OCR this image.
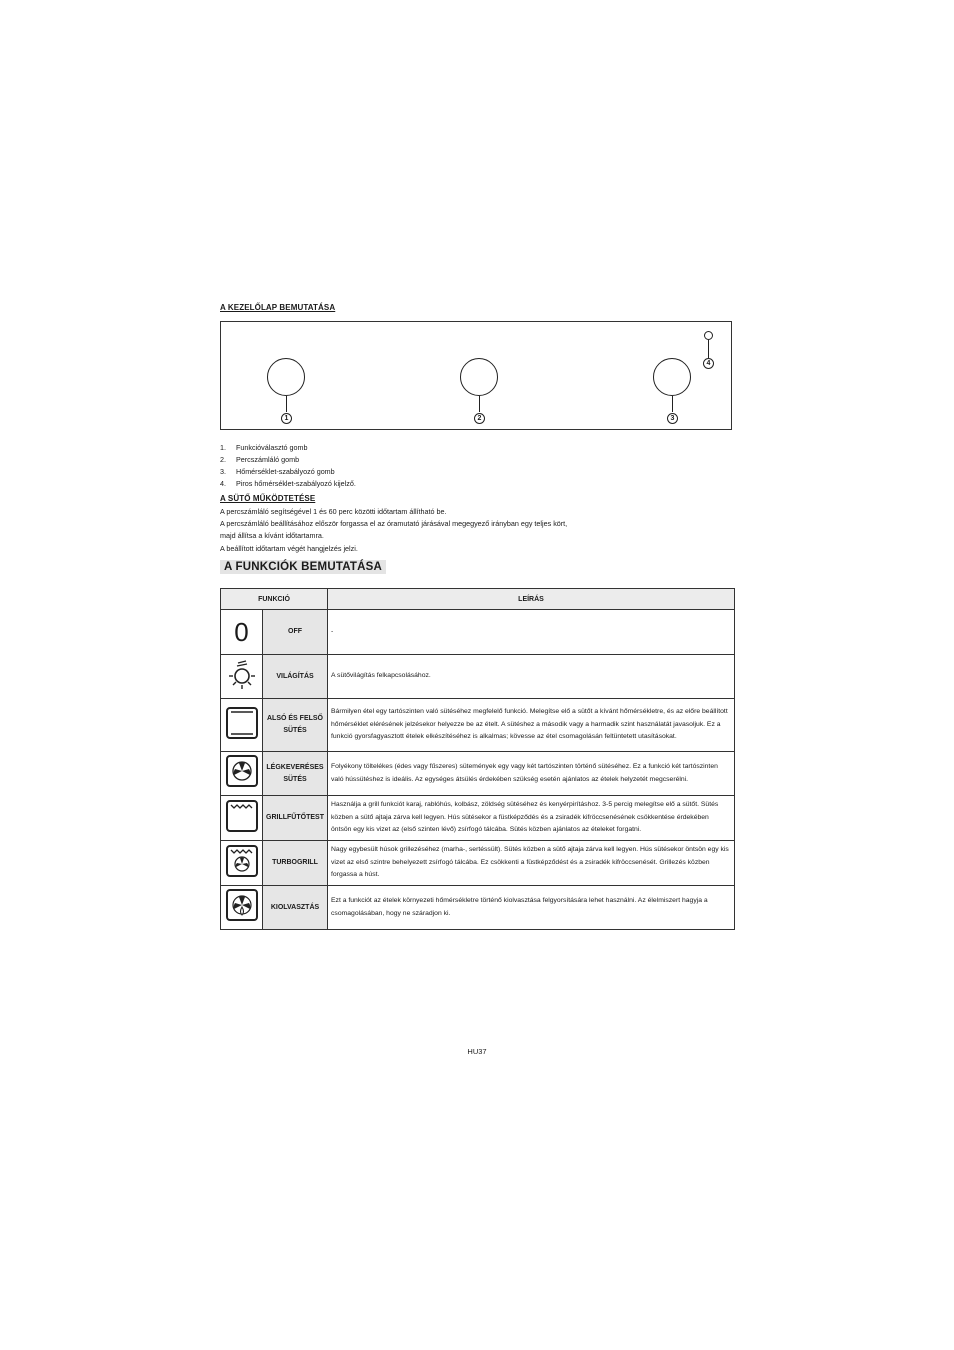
A KEZELŐLAP BEMUTATÁSA
1	2	3
4
1. Funkcióválasztó gomb
2. Percszámláló gomb
3. Hőmérséklet-szabályozó gomb
4. Piros hőmérséklet-szabályozó kijelző.
A SÜTŐ MŰKÖDTETÉSE
A percszámláló segítségével 1 és 60 perc közötti időtartam állítható be.
A percszámláló beállításához először forgassa el az óramutató járásával megegyező irányban egy teljes kört,
majd állítsa a kívánt időtartamra.
A beállított időtartam végét hangjelzés jelzi.
A FUNKCIÓK BEMUTATÁSA
FUNKCIÓ		LEÍRÁS
0	OFF	-
	VILÁGÍTÁS	A sütővilágítás felkapcsolásához.
	ALSÓ ÉS FELSŐ SÜTÉS	Bármilyen étel egy tartószinten való sütéséhez megfelelő funkció. Melegítse elő a sütőt a kívánt hőmérsékletre, és az előre beállított hőmérséklet elérésének jelzésekor helyezze be az ételt. A sütéshez a második vagy a harmadik szint használatát javasoljuk. Ez a funkció gyorsfagyasztott ételek elkészítéséhez is alkalmas; kövesse az étel csomagolásán feltüntetett utasításokat.
	LÉGKEVERÉSES SÜTÉS	Folyékony töltelékes (édes vagy fűszeres) sütemények egy vagy két tartószinten történő sütéséhez. Ez a funkció két tartószinten való hússütéshez is ideális. Az egységes átsülés érdekében szükség esetén ajánlatos az ételek helyzetét megcserélni.
	GRILLFŰTŐTEST	Használja a grill funkciót karaj, rablóhús, kolbász, zöldség sütéséhez és kenyérpirításhoz. 3-5 percig melegítse elő a sütőt. Sütés közben a sütő ajtaja zárva kell legyen. Hús sütésekor a füstképződés és a zsiradék kifröccsenésének csökkentése érdekében öntsön egy kis vizet az (első szinten lévő) zsírfogó tálcába. Sütés közben ajánlatos az ételeket forgatni.
	TURBOGRILL	Nagy egybesült húsok grillezéséhez (marha-, sertéssült). Sütés közben a sütő ajtaja zárva kell legyen. Hús sütésekor öntsön egy kis vizet az első szintre behelyezett zsírfogó tálcába. Ez csökkenti a füstképződést és a zsiradék kifröccsenését. Grillezés közben forgassa a húst.
	KIOLVASZTÁS	Ezt a funkciót az ételek környezeti hőmérsékletre történő kiolvasztása felgyorsítására lehet használni. Az élelmiszert hagyja a csomagolásában, hogy ne száradjon ki.
HU37
